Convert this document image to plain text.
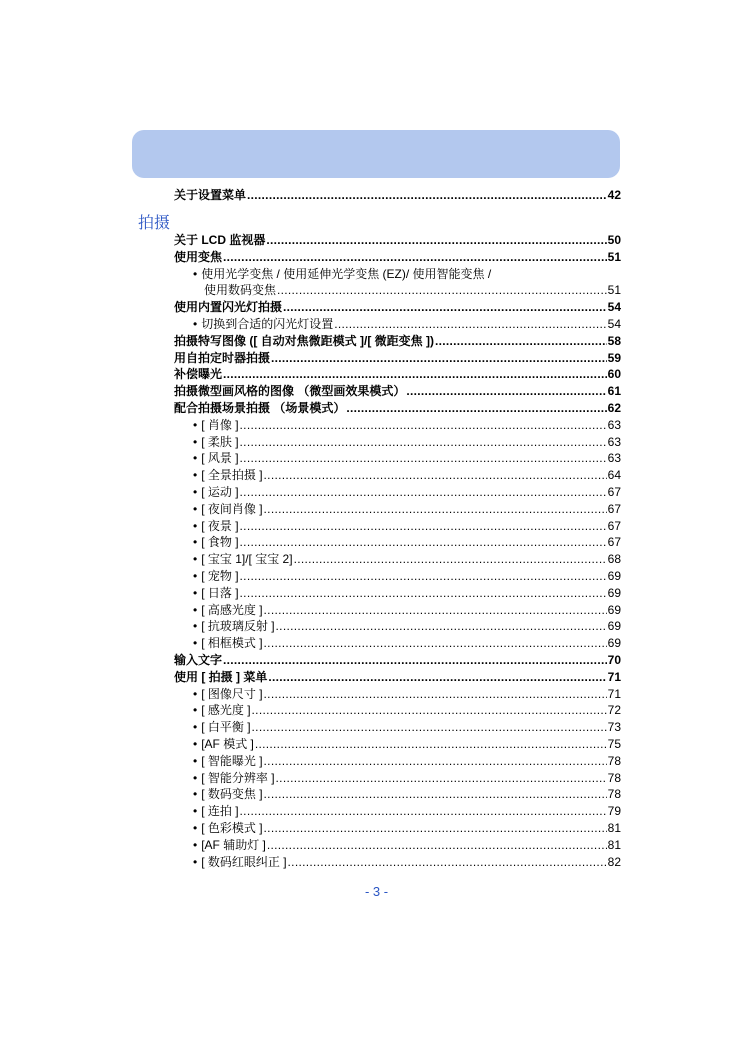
关于设置菜单 .....	42
拍摄
关于 LCD 监视器 .....	50
使用变焦 .....	51
• 使用光学变焦 / 使用延伸光学变焦 (EZ)/ 使用智能变焦 /
使用数码变焦 .....	51
使用内置闪光灯拍摄 .....	54
• 切换到合适的闪光灯设置 .....	54
拍摄特写图像 ([ 自动对焦微距模式 ]/[ 微距变焦 ]) .....	58
用自拍定时器拍摄 .....	59
补偿曝光 .....	60
拍摄微型画风格的图像 （微型画效果模式） .....	61
配合拍摄场景拍摄 （场景模式） .....	62
• [ 肖像 ] .....	63
• [ 柔肤 ] .....	63
• [ 风景 ] .....	63
• [ 全景拍摄 ] .....	64
• [ 运动 ] .....	67
• [ 夜间肖像 ] .....	67
• [ 夜景 ] .....	67
• [ 食物 ] .....	67
• [ 宝宝 1]/[ 宝宝 2] .....	68
• [ 宠物 ] .....	69
• [ 日落 ] .....	69
• [ 高感光度 ] .....	69
• [ 抗玻璃反射 ] .....	69
• [ 相框模式 ] .....	69
输入文字 .....	70
使用 [ 拍摄 ] 菜单 .....	71
• [ 图像尺寸 ] .....	71
• [ 感光度 ] .....	72
• [ 白平衡 ] .....	73
• [AF 模式 ] .....	75
• [ 智能曝光 ] .....	78
• [ 智能分辨率 ] .....	78
• [ 数码变焦 ] .....	78
• [ 连拍 ] .....	79
• [ 色彩模式 ] .....	81
• [AF 辅助灯 ] .....	81
• [ 数码红眼纠正 ] .....	82
- 3 -
